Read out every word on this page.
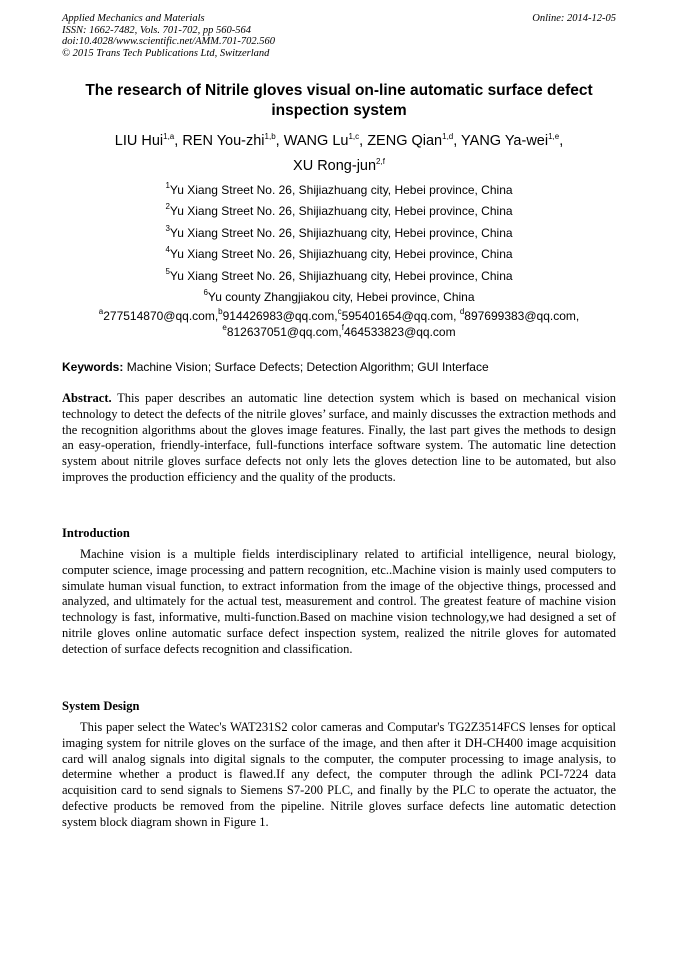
Applied Mechanics and Materials
ISSN: 1662-7482, Vols. 701-702, pp 560-564
doi:10.4028/www.scientific.net/AMM.701-702.560
© 2015 Trans Tech Publications Ltd, Switzerland
Online: 2014-12-05
The research of Nitrile gloves visual on-line automatic surface defect inspection system
LIU Hui$^{1,a}$, REN You-zhi$^{1,b}$, WANG Lu$^{1,c}$, ZENG Qian$^{1,d}$, YANG Ya-wei$^{1,e}$,
XU Rong-jun$^{2,f}$
$^1$Yu Xiang Street No. 26, Shijiazhuang city, Hebei province, China
$^2$Yu Xiang Street No. 26, Shijiazhuang city, Hebei province, China
$^3$Yu Xiang Street No. 26, Shijiazhuang city, Hebei province, China
$^4$Yu Xiang Street No. 26, Shijiazhuang city, Hebei province, China
$^5$Yu Xiang Street No. 26, Shijiazhuang city, Hebei province, China
$^6$Yu county Zhangjiakou city, Hebei province, China
$^a$277514870@qq.com,$^b$914426983@qq.com,$^c$595401654@qq.com, $^d$897699383@qq.com,
$^e$812637051@qq.com,$^f$464533823@qq.com
Keywords: Machine Vision; Surface Defects; Detection Algorithm; GUI Interface
Abstract. This paper describes an automatic line detection system which is based on mechanical vision technology to detect the defects of the nitrile gloves’ surface, and mainly discusses the extraction methods and the recognition algorithms about the gloves image features. Finally, the last part gives the methods to design an easy-operation, friendly-interface, full-functions interface software system. The automatic line detection system about nitrile gloves surface defects not only lets the gloves detection line to be automated, but also improves the production efficiency and the quality of the products.
Introduction
Machine vision is a multiple fields interdisciplinary related to artificial intelligence, neural biology, computer science, image processing and pattern recognition, etc..Machine vision is mainly used computers to simulate human visual function, to extract information from the image of the objective things, processed and analyzed, and ultimately for the actual test, measurement and control. The greatest feature of machine vision technology is fast, informative, multi-function.Based on machine vision technology,we had designed a set of nitrile gloves online automatic surface defect inspection system, realized the nitrile gloves for automated detection of surface defects recognition and classification.
System Design
This paper select the Watec's WAT231S2 color cameras and Computar's TG2Z3514FCS lenses for optical imaging system for nitrile gloves on the surface of the image, and then after it DH-CH400 image acquisition card will analog signals into digital signals to the computer, the computer processing to image analysis, to determine whether a product is flawed.If any defect, the computer through the adlink PCI-7224 data acquisition card to send signals to Siemens S7-200 PLC, and finally by the PLC to operate the actuator, the defective products be removed from the pipeline. Nitrile gloves surface defects line automatic detection system block diagram shown in Figure 1.
